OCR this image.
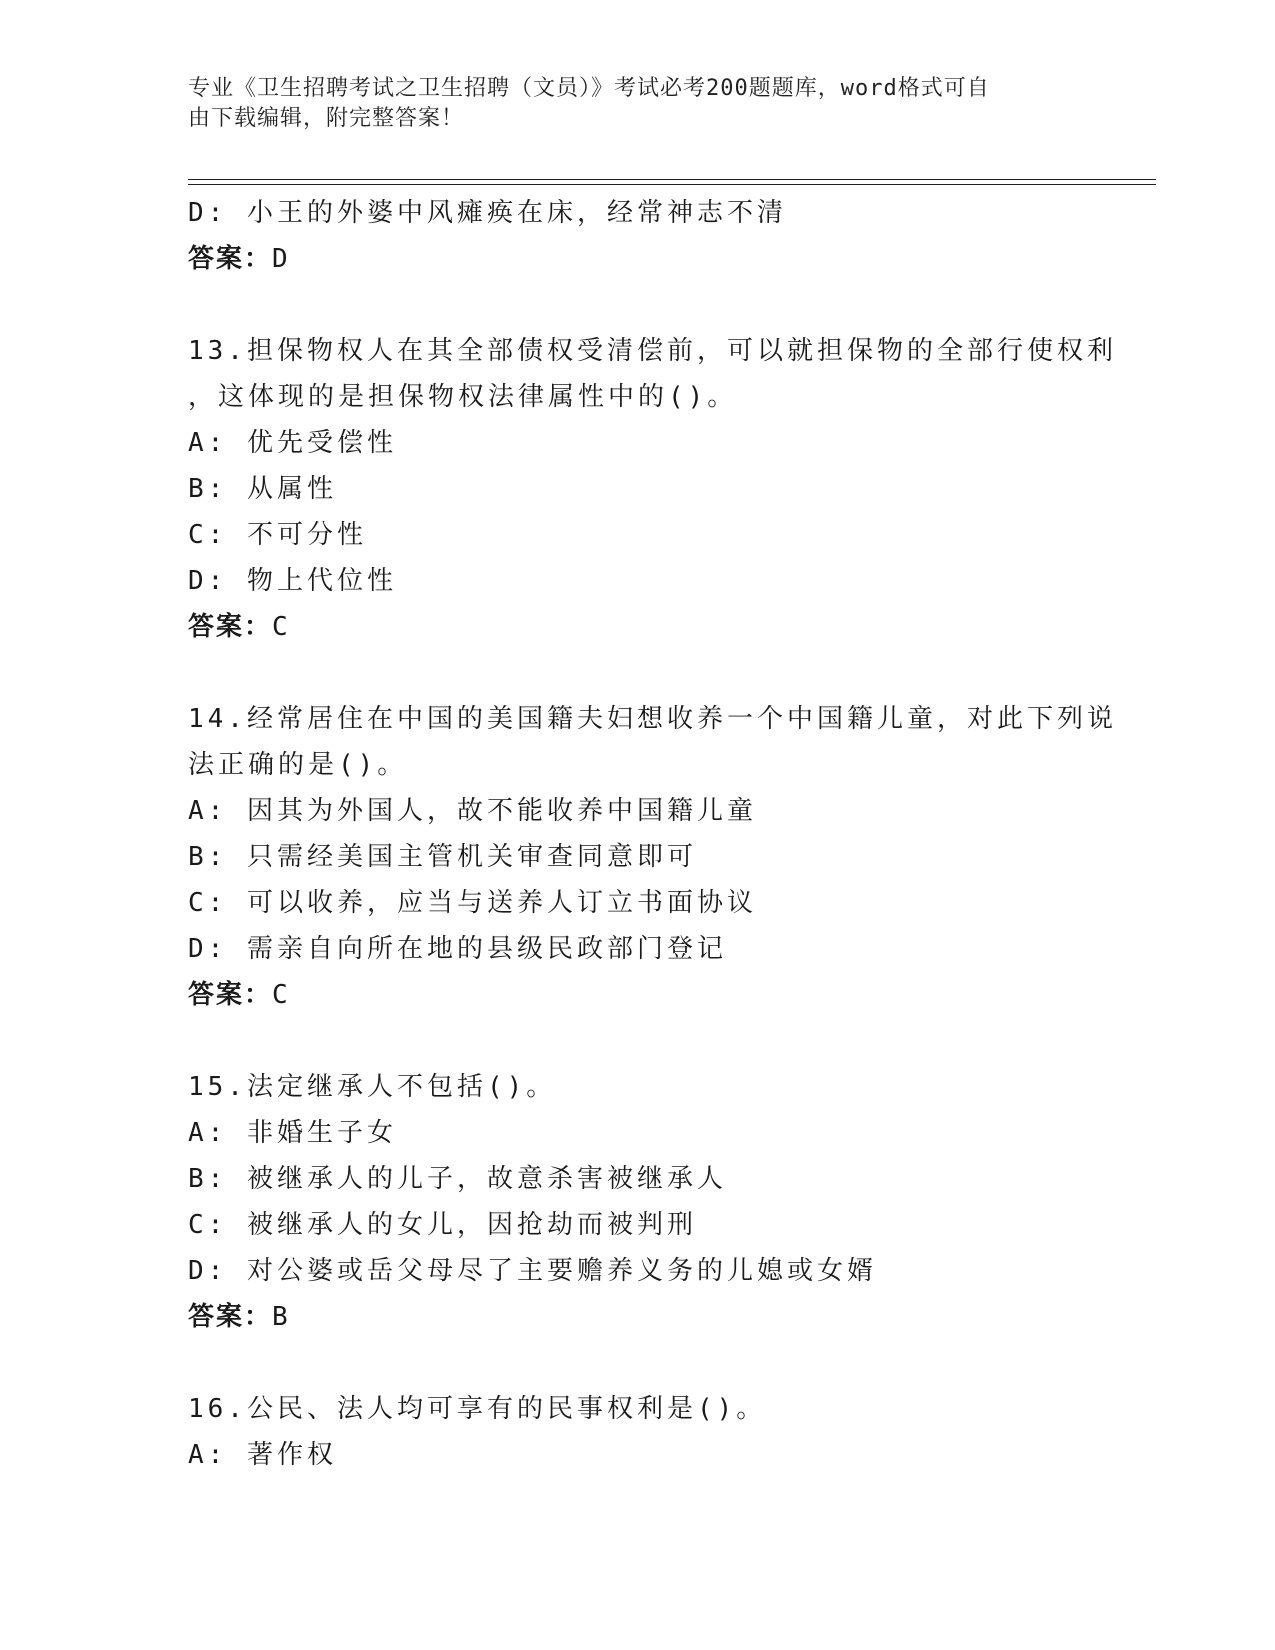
专业《卫生招聘考试之卫生招聘（文员）》考试必考200题题库，word格式可自
由下载编辑，附完整答案！
D: 小王的外婆中风瘫痪在床，经常神志不清
答案：D
13.担保物权人在其全部债权受清偿前，可以就担保物的全部行使权利
，这体现的是担保物权法律属性中的()。
A: 优先受偿性
B: 从属性
C: 不可分性
D: 物上代位性
答案：C
14.经常居住在中国的美国籍夫妇想收养一个中国籍儿童，对此下列说
法正确的是()。
A: 因其为外国人，故不能收养中国籍儿童
B: 只需经美国主管机关审查同意即可
C: 可以收养，应当与送养人订立书面协议
D: 需亲自向所在地的县级民政部门登记
答案：C
15.法定继承人不包括()。
A: 非婚生子女
B: 被继承人的儿子，故意杀害被继承人
C: 被继承人的女儿，因抢劫而被判刑
D: 对公婆或岳父母尽了主要赡养义务的儿媳或女婿
答案：B
16.公民、法人均可享有的民事权利是()。
A: 著作权
